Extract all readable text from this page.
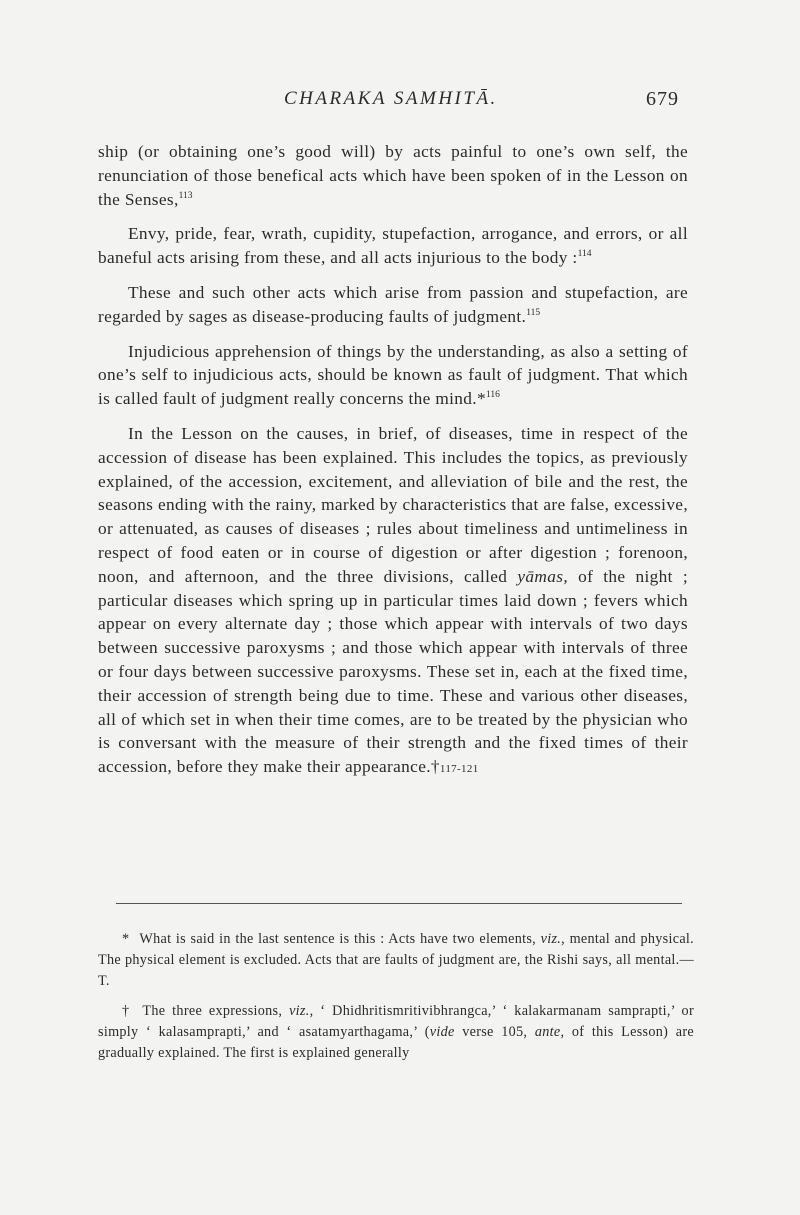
CHARAKA SAMHITĀ.	679

ship (or obtaining one’s good will) by acts painful to one’s own self, the renunciation of those benefical acts which have been spoken of in the Lesson on the Senses,$^{113}$

Envy, pride, fear, wrath, cupidity, stupefaction, arrogance, and errors, or all baneful acts arising from these, and all acts injurious to the body :$^{114}$

These and such other acts which arise from passion and stupefaction, are regarded by sages as disease-producing faults of judgment.$^{115}$

Injudicious apprehension of things by the understanding, as also a setting of one’s self to injudicious acts, should be known as fault of judgment. That which is called fault of judgment really concerns the mind.*$^{116}$

In the Lesson on the causes, in brief, of diseases, time in respect of the accession of disease has been explained. This includes the topics, as previously explained, of the accession, excitement, and alleviation of bile and the rest, the seasons ending with the rainy, marked by characteristics that are false, excessive, or attenuated, as causes of diseases ; rules about timeliness and untimeliness in respect of food eaten or in course of digestion or after digestion ; forenoon, noon, and afternoon, and the three divisions, called yāmas, of the night ; particular diseases which spring up in particular times laid down ; fevers which appear on every alternate day ; those which appear with intervals of two days between successive paroxysms ; and those which appear with intervals of three or four days between successive paroxysms. These set in, each at the fixed time, their accession of strength being due to time. These and various other diseases, all of which set in when their time comes, are to be treated by the physician who is conversant with the measure of their strength and the fixed times of their accession, before they make their appearance.†117-121

* What is said in the last sentence is this : Acts have two elements, viz., mental and physical. The physical element is excluded. Acts that are faults of judgment are, the Rishi says, all mental.—T.

† The three expressions, viz., ‘ Dhidhritismritivibhrangca,’ ‘ kalakarmanam samprapti,’ or simply ‘ kalasamprapti,’ and ‘ asatamyarthagama,’ (vide verse 105, ante, of this Lesson) are gradually explained. The first is explained generally
